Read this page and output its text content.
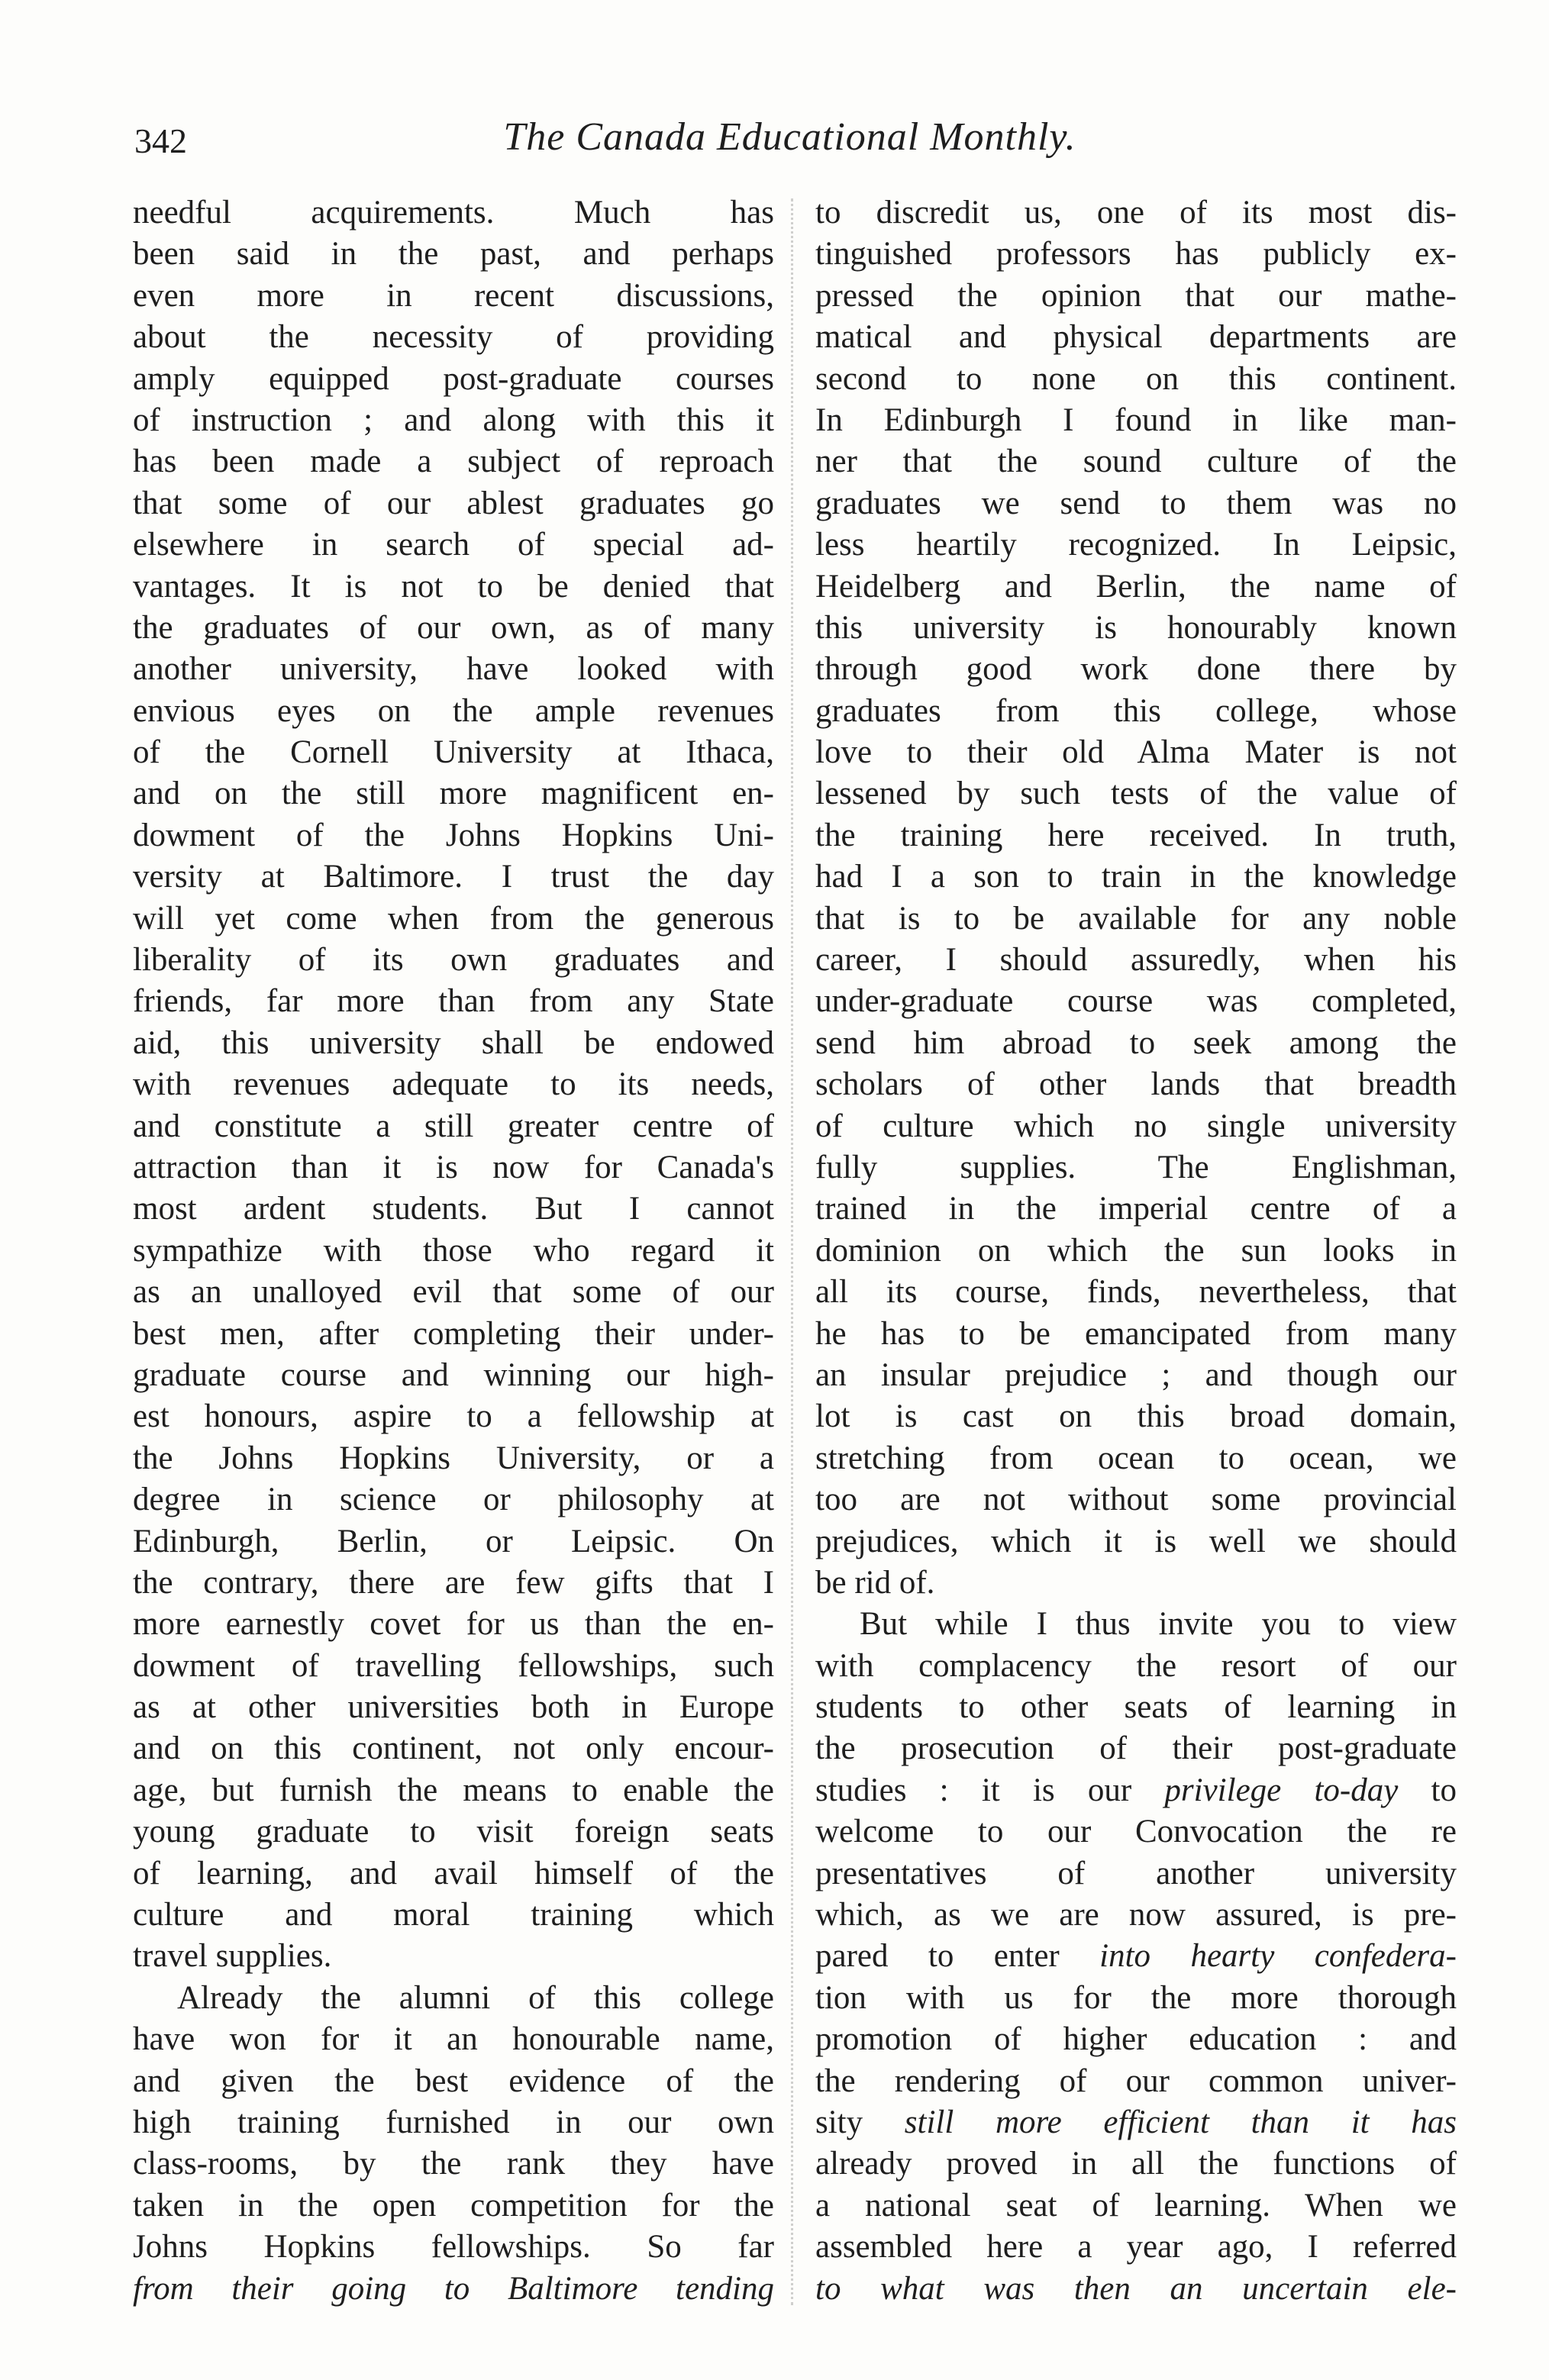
342	The Canada Educational Monthly.
needful acquirements. Much has
been said in the past, and perhaps
even more in recent discussions,
about the necessity of providing
amply equipped post-graduate courses
of instruction ; and along with this it
has been made a subject of reproach
that some of our ablest graduates go
elsewhere in search of special ad-
vantages. It is not to be denied that
the graduates of our own, as of many
another university, have looked with
envious eyes on the ample revenues
of the Cornell University at Ithaca,
and on the still more magnificent en-
dowment of the Johns Hopkins Uni-
versity at Baltimore. I trust the day
will yet come when from the generous
liberality of its own graduates and
friends, far more than from any State
aid, this university shall be endowed
with revenues adequate to its needs,
and constitute a still greater centre of
attraction than it is now for Canada's
most ardent students. But I cannot
sympathize with those who regard it
as an unalloyed evil that some of our
best men, after completing their under-
graduate course and winning our high-
est honours, aspire to a fellowship at
the Johns Hopkins University, or a
degree in science or philosophy at
Edinburgh, Berlin, or Leipsic. On
the contrary, there are few gifts that I
more earnestly covet for us than the en-
dowment of travelling fellowships, such
as at other universities both in Europe
and on this continent, not only encour-
age, but furnish the means to enable the
young graduate to visit foreign seats
of learning, and avail himself of the
culture and moral training which
travel supplies.
Already the alumni of this college
have won for it an honourable name,
and given the best evidence of the
high training furnished in our own
class-rooms, by the rank they have
taken in the open competition for the
Johns Hopkins fellowships. So far
from their going to Baltimore tending
to discredit us, one of its most dis-
tinguished professors has publicly ex-
pressed the opinion that our mathe-
matical and physical departments are
second to none on this continent.
In Edinburgh I found in like man-
ner that the sound culture of the
graduates we send to them was no
less heartily recognized. In Leipsic,
Heidelberg and Berlin, the name of
this university is honourably known
through good work done there by
graduates from this college, whose
love to their old Alma Mater is not
lessened by such tests of the value of
the training here received. In truth,
had I a son to train in the knowledge
that is to be available for any noble
career, I should assuredly, when his
under-graduate course was completed,
send him abroad to seek among the
scholars of other lands that breadth
of culture which no single university
fully supplies. The Englishman,
trained in the imperial centre of a
dominion on which the sun looks in
all its course, finds, nevertheless, that
he has to be emancipated from many
an insular prejudice ; and though our
lot is cast on this broad domain,
stretching from ocean to ocean, we
too are not without some provincial
prejudices, which it is well we should
be rid of.
But while I thus invite you to view
with complacency the resort of our
students to other seats of learning in
the prosecution of their post-graduate
studies : it is our privilege to-day to
welcome to our Convocation the re
presentatives of another university
which, as we are now assured, is pre-
pared to enter into hearty confedera-
tion with us for the more thorough
promotion of higher education : and
the rendering of our common univer-
sity still more efficient than it has
already proved in all the functions of
a national seat of learning. When we
assembled here a year ago, I referred
to what was then an uncertain ele-
